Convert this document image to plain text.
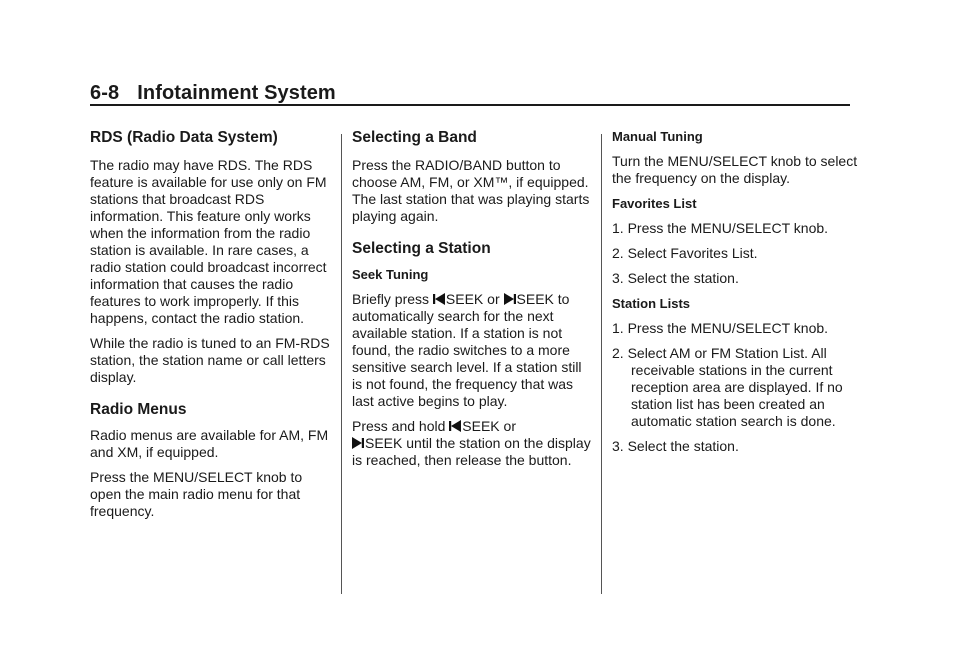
6-8 Infotainment System
RDS (Radio Data System)

The radio may have RDS. The RDS feature is available for use only on FM stations that broadcast RDS information. This feature only works when the information from the radio station is available. In rare cases, a radio station could broadcast incorrect information that causes the radio features to work improperly. If this happens, contact the radio station.

While the radio is tuned to an FM-RDS station, the station name or call letters display.

Radio Menus

Radio menus are available for AM, FM and XM, if equipped.

Press the MENU/SELECT knob to open the main radio menu for that frequency.

Selecting a Band

Press the RADIO/BAND button to choose AM, FM, or XM™, if equipped. The last station that was playing starts playing again.

Selecting a Station
Seek Tuning

Briefly press SEEK or SEEK to automatically search for the next available station. If a station is not found, the radio switches to a more sensitive search level. If a station still is not found, the frequency that was last active begins to play.

Press and hold SEEK or
SEEK until the station on the display is reached, then release the button.

Manual Tuning

Turn the MENU/SELECT knob to select the frequency on the display.

Favorites List
1. Press the MENU/SELECT knob.
2. Select Favorites List.
3. Select the station.
Station Lists
1. Press the MENU/SELECT knob.
2. Select AM or FM Station List. All receivable stations in the current reception area are displayed. If no station list has been created an automatic station search is done.
3. Select the station.
